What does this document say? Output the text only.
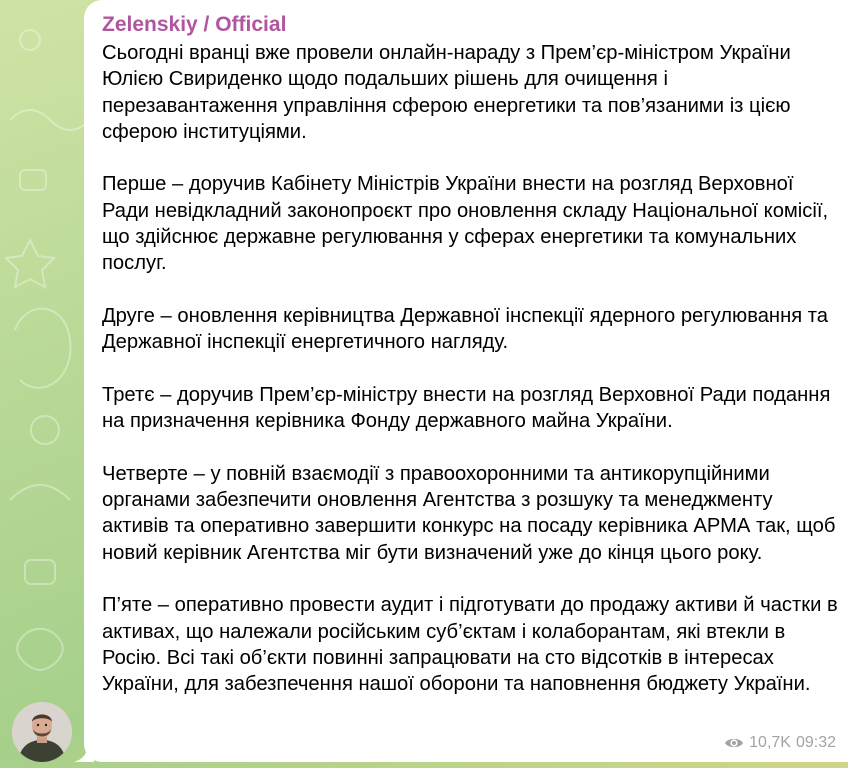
Zelenskiy / Official

Сьогодні вранці вже провели онлайн-нараду з Прем’єр-міністром України Юлією Свириденко щодо подальших рішень для очищення і перезавантаження управління сферою енергетики та пов’язаними із цією сферою інституціями.

Перше – доручив Кабінету Міністрів України внести на розгляд Верховної Ради невідкладний законопроєкт про оновлення складу Національної комісії, що здійснює державне регулювання у сферах енергетики та комунальних послуг.

Друге – оновлення керівництва Державної інспекції ядерного регулювання та Державної інспекції енергетичного нагляду.

Третє – доручив Прем’єр-міністру внести на розгляд Верховної Ради подання на призначення керівника Фонду державного майна України.

Четверте – у повній взаємодії з правоохоронними та антикорупційними органами забезпечити оновлення Агентства з розшуку та менеджменту активів та оперативно завершити конкурс на посаду керівника АРМА так, щоб новий керівник Агентства міг бути визначений уже до кінця цього року.

П’яте – оперативно провести аудит і підготувати до продажу активи й частки в активах, що належали російським суб’єктам і колаборантам, які втекли в Росію. Всі такі об’єкти повинні запрацювати на сто відсотків в інтересах України, для забезпечення нашої оборони та наповнення бюджету України.

10,7K 09:32
